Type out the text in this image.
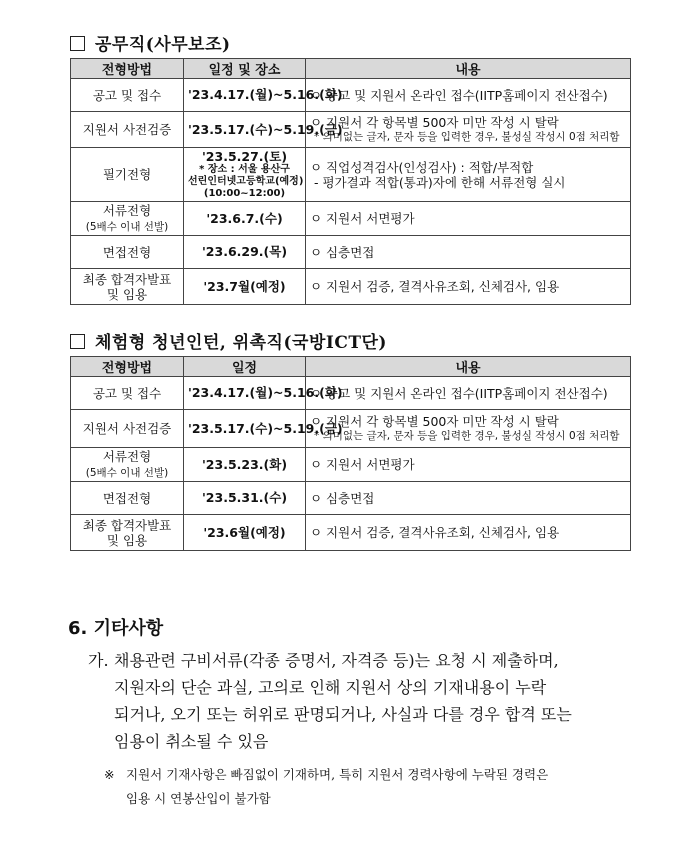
공무직(사무보조)
전형방법	일정 및 장소	내용
공고 및 접수	'23.4.17.(월)~5.16.(화)	ㅇ 공고 및 지원서 온라인 접수(IITP홈페이지 전산접수)
지원서 사전검증	'23.5.17.(수)~5.19.(금)	ㅇ 지원서 각 항목별 500자 미만 작성 시 탈락
* 의미없는 글자, 문자 등을 입력한 경우, 불성실 작성시 0점 처리함

필기전형	'23.5.27.(토)
* 장소 : 서울 용산구
선린인터넷고등학교(예정)
(10:00~12:00)	ㅇ 직업성격검사(인성검사) : 적합/부적합
- 평가결과 적합(통과)자에 한해 서류전형 실시

서류전형
(5배수 이내 선발)	'23.6.7.(수)	ㅇ 지원서 서면평가
면접전형	'23.6.29.(목)	ㅇ 심층면접
최종 합격자발표
및 임용	'23.7월(예정)	ㅇ 지원서 검증, 결격사유조회, 신체검사, 임용
체험형 청년인턴, 위촉직(국방ICT단)
전형방법	일정	내용
공고 및 접수	'23.4.17.(월)~5.16.(화)	ㅇ 공고 및 지원서 온라인 접수(IITP홈페이지 전산접수)
지원서 사전검증	'23.5.17.(수)~5.19.(금)	ㅇ 지원서 각 항목별 500자 미만 작성 시 탈락
* 의미없는 글자, 문자 등을 입력한 경우, 불성실 작성시 0점 처리함

서류전형
(5배수 이내 선발)	'23.5.23.(화)	ㅇ 지원서 서면평가
면접전형	'23.5.31.(수)	ㅇ 심층면접
최종 합격자발표
및 임용	'23.6월(예정)	ㅇ 지원서 검증, 결격사유조회, 신체검사, 임용
6. 기타사항
가. 채용관련 구비서류(각종 증명서, 자격증 등)는 요청 시 제출하며,
지원자의 단순 과실, 고의로 인해 지원서 상의 기재내용이 누락
되거나, 오기 또는 허위로 판명되거나, 사실과 다를 경우 합격 또는
임용이 취소될 수 있음
※ 지원서 기재사항은 빠짐없이 기재하며, 특히 지원서 경력사항에 누락된 경력은
임용 시 연봉산입이 불가함
